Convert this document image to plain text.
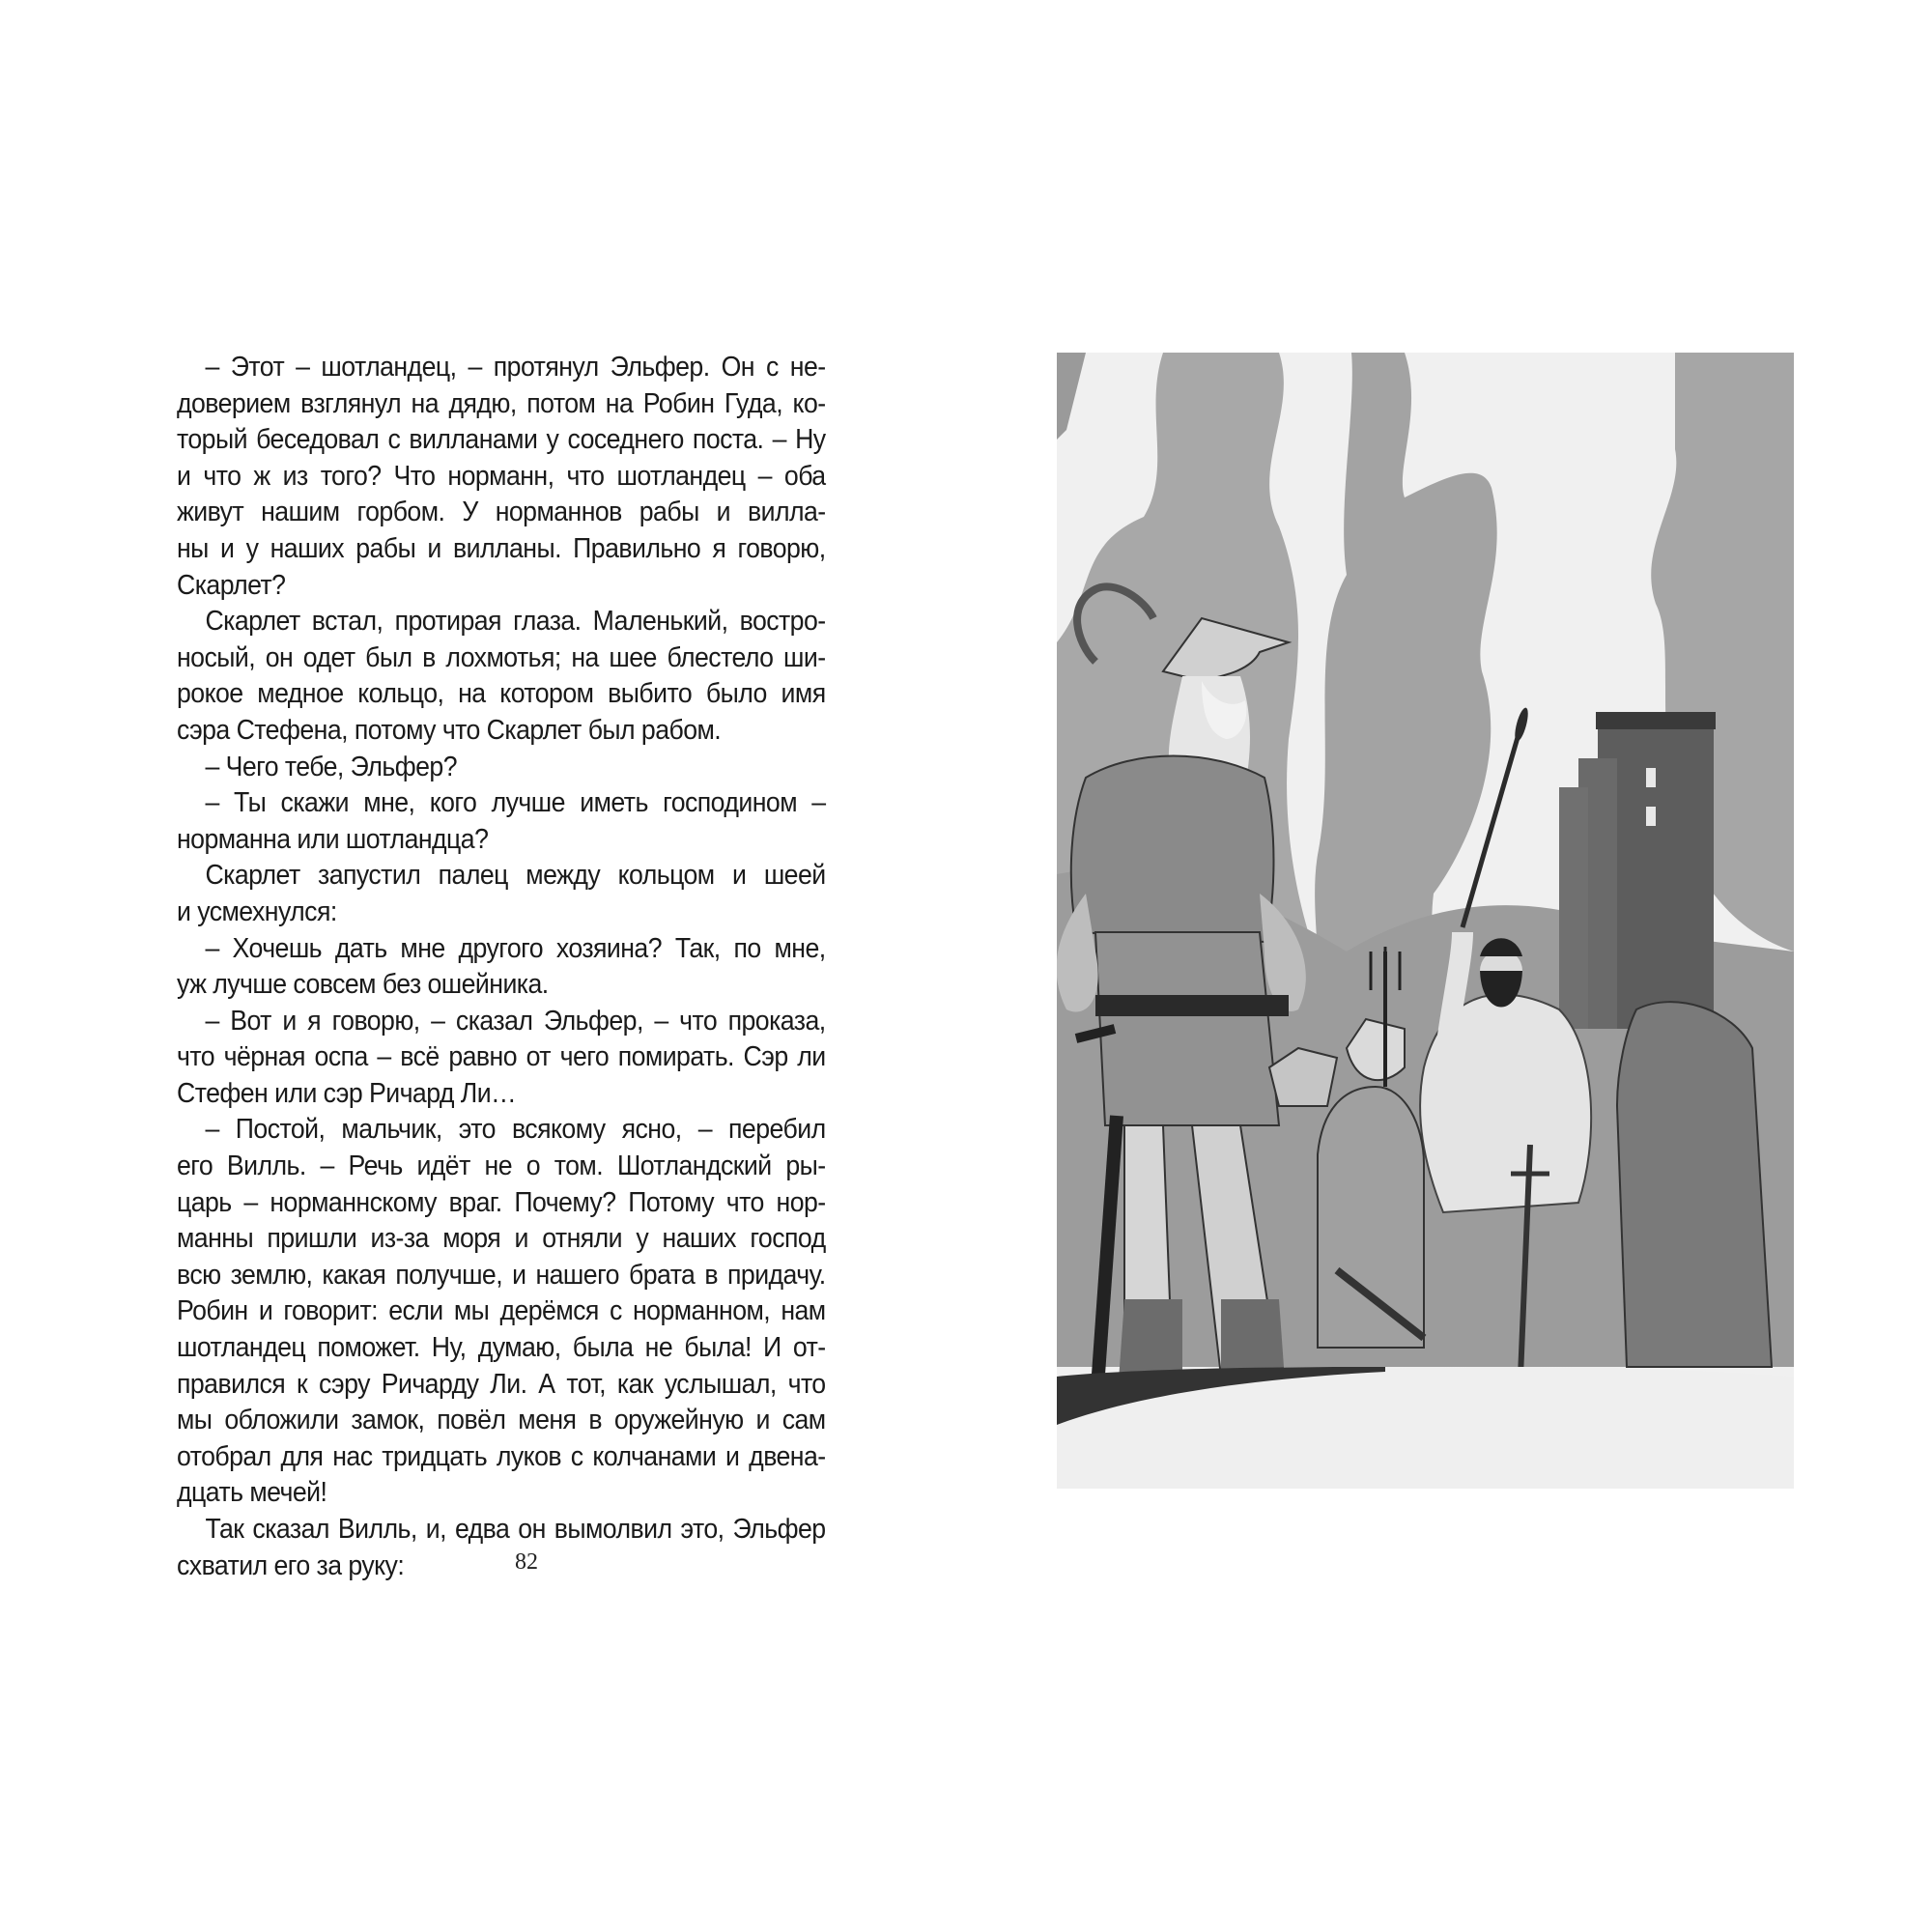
– Этот – шотландец, – протянул Эльфер. Он с не-
доверием взглянул на дядю, потом на Робин Гуда, ко-
торый беседовал с вилланами у соседнего поста. – Ну
и что ж из того? Что норманн, что шотландец – оба
живут нашим горбом. У норманнов рабы и вилла-
ны и у наших рабы и вилланы. Правильно я говорю,
Скарлет?
Скарлет встал, протирая глаза. Маленький, востро-
носый, он одет был в лохмотья; на шее блестело ши-
рокое медное кольцо, на котором выбито было имя
сэра Стефена, потому что Скарлет был рабом.
– Чего тебе, Эльфер?
– Ты скажи мне, кого лучше иметь господином –
норманна или шотландца?
Скарлет запустил палец между кольцом и шеей
и усмехнулся:
– Хочешь дать мне другого хозяина? Так, по мне,
уж лучше совсем без ошейника.
– Вот и я говорю, – сказал Эльфер, – что проказа,
что чёрная оспа – всё равно от чего помирать. Сэр ли
Стефен или сэр Ричард Ли…
– Постой, мальчик, это всякому ясно, – перебил
его Вилль. – Речь идёт не о том. Шотландский ры-
царь – норманнскому враг. Почему? Потому что нор-
манны пришли из-за моря и отняли у наших господ
всю землю, какая получше, и нашего брата в придачу.
Робин и говорит: если мы дерёмся с норманном, нам
шотландец поможет. Ну, думаю, была не была! И от-
правился к сэру Ричарду Ли. А тот, как услышал, что
мы обложили замок, повёл меня в оружейную и сам
отобрал для нас тридцать луков с колчанами и двена-
дцать мечей!
Так сказал Вилль, и, едва он вымолвил это, Эльфер
схватил его за руку:	82
